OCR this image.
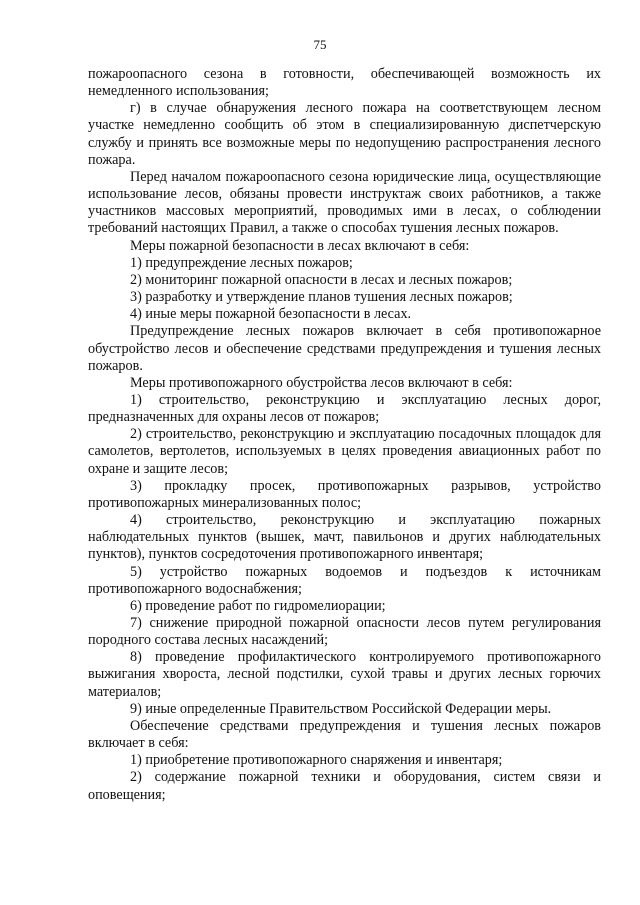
75

пожароопасного сезона в готовности, обеспечивающей возможность их немедленного использования;

г) в случае обнаружения лесного пожара на соответствующем лесном участке немедленно сообщить об этом в специализированную диспетчерскую службу и принять все возможные меры по недопущению распространения лесного пожара.

Перед началом пожароопасного сезона юридические лица, осуществляющие использование лесов, обязаны провести инструктаж своих работников, а также участников массовых мероприятий, проводимых ими в лесах, о соблюдении требований настоящих Правил, а также о способах тушения лесных пожаров.

Меры пожарной безопасности в лесах включают в себя:

1) предупреждение лесных пожаров;

2) мониторинг пожарной опасности в лесах и лесных пожаров;

3) разработку и утверждение планов тушения лесных пожаров;

4) иные меры пожарной безопасности в лесах.

Предупреждение лесных пожаров включает в себя противопожарное обустройство лесов и обеспечение средствами предупреждения и тушения лесных пожаров.

Меры противопожарного обустройства лесов включают в себя:

1) строительство, реконструкцию и эксплуатацию лесных дорог, предназначенных для охраны лесов от пожаров;

2) строительство, реконструкцию и эксплуатацию посадочных площадок для самолетов, вертолетов, используемых в целях проведения авиационных работ по охране и защите лесов;

3) прокладку просек, противопожарных разрывов, устройство противопожарных минерализованных полос;

4) строительство, реконструкцию и эксплуатацию пожарных наблюдательных пунктов (вышек, мачт, павильонов и других наблюдательных пунктов), пунктов сосредоточения противопожарного инвентаря;

5) устройство пожарных водоемов и подъездов к источникам противопожарного водоснабжения;

6) проведение работ по гидромелиорации;

7) снижение природной пожарной опасности лесов путем регулирования породного состава лесных насаждений;

8) проведение профилактического контролируемого противопожарного выжигания хвороста, лесной подстилки, сухой травы и других лесных горючих материалов;

9) иные определенные Правительством Российской Федерации меры.

Обеспечение средствами предупреждения и тушения лесных пожаров включает в себя:

1) приобретение противопожарного снаряжения и инвентаря;

2) содержание пожарной техники и оборудования, систем связи и оповещения;
